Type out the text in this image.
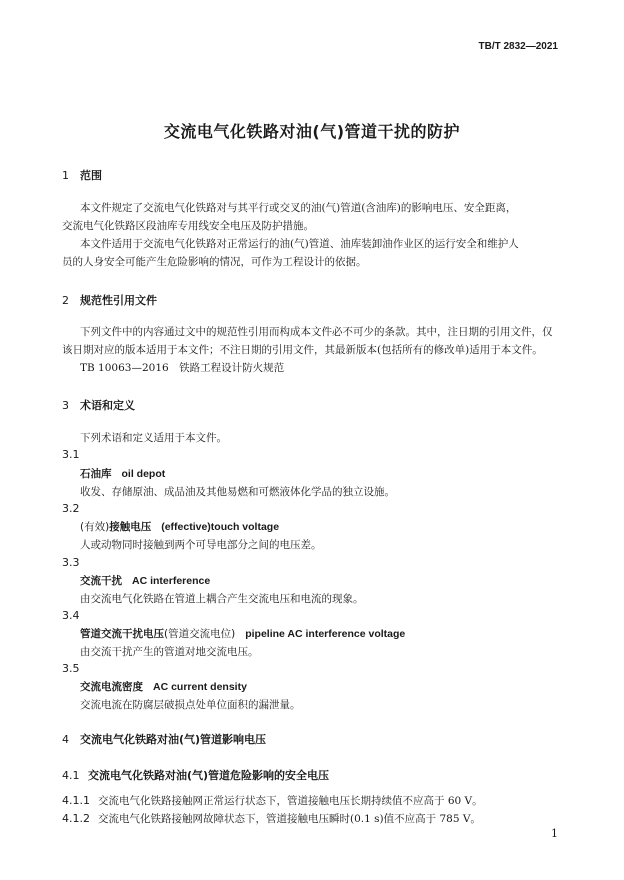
TB/T 2832—2021
交流电气化铁路对油(气)管道干扰的防护
1 范围
本文件规定了交流电气化铁路对与其平行或交叉的油(气)管道(含油库)的影响电压、安全距离，
交流电气化铁路区段油库专用线安全电压及防护措施。
本文件适用于交流电气化铁路对正常运行的油(气)管道、油库装卸油作业区的运行安全和维护人
员的人身安全可能产生危险影响的情况，可作为工程设计的依据。
2 规范性引用文件
下列文件中的内容通过文中的规范性引用而构成本文件必不可少的条款。其中，注日期的引用文件，仅
该日期对应的版本适用于本文件；不注日期的引用文件，其最新版本(包括所有的修改单)适用于本文件。
TB 10063—2016　铁路工程设计防火规范
3 术语和定义
下列术语和定义适用于本文件。
3.1
石油库 oil depot
收发、存储原油、成品油及其他易燃和可燃液体化学品的独立设施。
3.2
(有效)接触电压 (effective)touch voltage
人或动物同时接触到两个可导电部分之间的电压差。
3.3
交流干扰 AC interference
由交流电气化铁路在管道上耦合产生交流电压和电流的现象。
3.4
管道交流干扰电压(管道交流电位) pipeline AC interference voltage
由交流干扰产生的管道对地交流电压。
3.5
交流电流密度 AC current density
交流电流在防腐层破损点处单位面积的漏泄量。
4 交流电气化铁路对油(气)管道影响电压
4.1 交流电气化铁路对油(气)管道危险影响的安全电压
4.1.1 交流电气化铁路接触网正常运行状态下，管道接触电压长期持续值不应高于 60 V。
4.1.2 交流电气化铁路接触网故障状态下，管道接触电压瞬时(0.1 s)值不应高于 785 V。
1
